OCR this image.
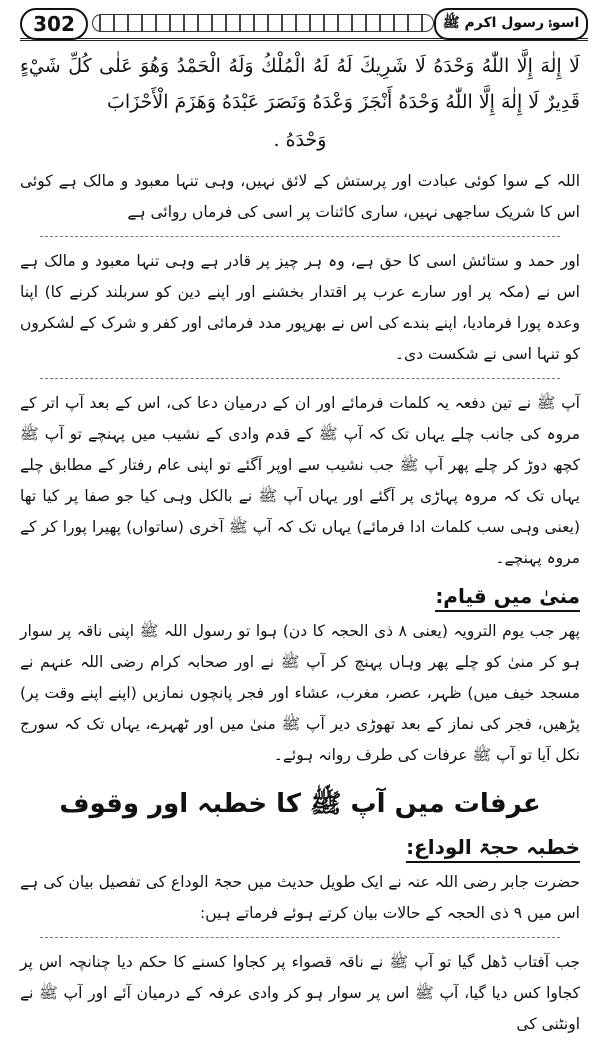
302	اسوۂ رسول اکرم ﷺ

لَا إِلٰهَ إِلَّا اللّٰهُ وَحْدَهُ لَا شَرِيكَ لَهُ لَهُ الْمُلْكُ وَلَهُ الْحَمْدُ وَهُوَ عَلٰى كُلِّ شَيْءٍ قَدِيرٌ لَا إِلٰهَ إِلَّا اللّٰهُ وَحْدَهُ أَنْجَزَ وَعْدَهُ وَنَصَرَ عَبْدَهُ وَهَزَمَ الْأَحْزَابَ

وَحْدَهُ .

اللہ کے سوا کوئی عبادت اور پرستش کے لائق نہیں، وہی تنہا معبود و مالک ہے کوئی اس کا شریک ساجھی نہیں، ساری کائنات پر اسی کی فرماں روائی ہے

اور حمد و ستائش اسی کا حق ہے، وہ ہر چیز پر قادر ہے وہی تنہا معبود و مالک ہے اس نے (مکہ پر اور سارے عرب پر اقتدار بخشنے اور اپنے دین کو سربلند کرنے کا) اپنا وعدہ پورا فرمادیا، اپنے بندے کی اس نے بھرپور مدد فرمائی اور کفر و شرک کے لشکروں کو تنہا اسی نے شکست دی۔

آپ ﷺ نے تین دفعہ یہ کلمات فرمائے اور ان کے درمیان دعا کی، اس کے بعد آپ اتر کے مروہ کی جانب چلے یہاں تک کہ آپ ﷺ کے قدم وادی کے نشیب میں پہنچے تو آپ ﷺ کچھ دوڑ کر چلے پھر آپ ﷺ جب نشیب سے اوپر آگئے تو اپنی عام رفتار کے مطابق چلے یہاں تک کہ مروہ پہاڑی پر آگئے اور یہاں آپ ﷺ نے بالکل وہی کیا جو صفا پر کیا تھا (یعنی وہی سب کلمات ادا فرمائے) یہاں تک کہ آپ ﷺ آخری (ساتواں) پھیرا پورا کر کے مروہ پہنچے۔

منیٰ میں قیام:

پھر جب یوم الترویہ (یعنی ۸ ذی الحجہ کا دن) ہوا تو رسول اللہ ﷺ اپنی ناقہ پر سوار ہو کر منیٰ کو چلے پھر وہاں پہنچ کر آپ ﷺ نے اور صحابہ کرام رضی اللہ عنہم نے مسجد خیف میں) ظہر، عصر، مغرب، عشاء اور فجر پانچوں نمازیں (اپنے اپنے وقت پر) پڑھیں، فجر کی نماز کے بعد تھوڑی دیر آپ ﷺ منیٰ میں اور ٹھہرے، یہاں تک کہ سورج نکل آیا تو آپ ﷺ عرفات کی طرف روانہ ہوئے۔

عرفات میں آپ ﷺ کا خطبہ اور وقوف
خطبہ حجۃ الوداع:

حضرت جابر رضی اللہ عنہ نے ایک طویل حدیث میں حجۃ الوداع کی تفصیل بیان کی ہے اس میں ۹ ذی الحجہ کے حالات بیان کرتے ہوئے فرماتے ہیں:

جب آفتاب ڈھل گیا تو آپ ﷺ نے ناقہ قصواء پر کجاوا کسنے کا حکم دیا چنانچہ اس پر کجاوا کس دیا گیا، آپ ﷺ اس پر سوار ہو کر وادی عرفہ کے درمیان آئے اور آپ ﷺ نے اونٹنی کی
